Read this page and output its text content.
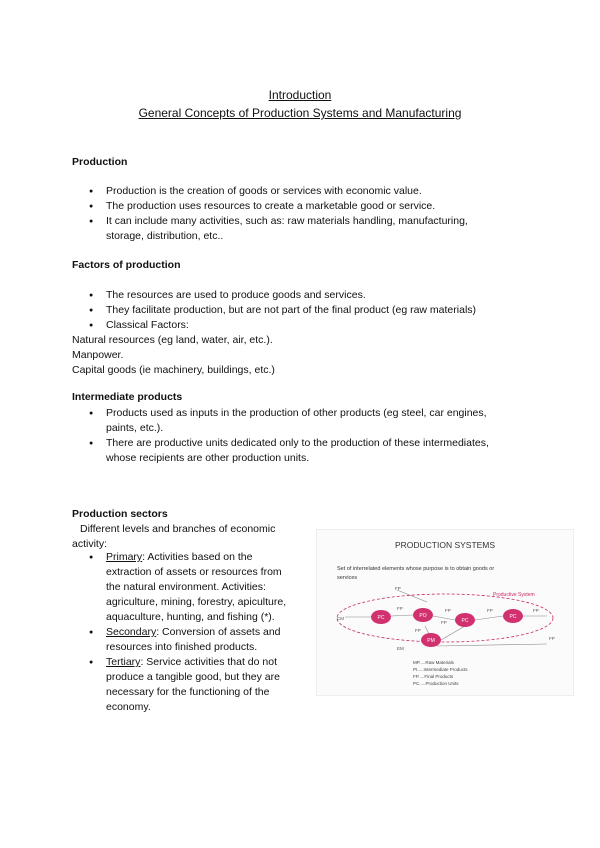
Introduction
General Concepts of Production Systems and Manufacturing
Production
● Production is the creation of goods or services with economic value.
● The production uses resources to create a marketable good or service.
● It can include many activities, such as: raw materials handling, manufacturing,
storage, distribution, etc..
Factors of production
● The resources are used to produce goods and services.
● They facilitate production, but are not part of the final product (eg raw materials)
● Classical Factors:
Natural resources (eg land, water, air, etc.).
Manpower.
Capital goods (ie machinery, buildings, etc.)
Intermediate products
● Products used as inputs in the production of other products (eg steel, car engines,
paints, etc.).
● There are productive units dedicated only to the production of these intermediates,
whose recipients are other production units.
Production sectors
Different levels and branches of economic
activity:
● Primary: Activities based on the
extraction of assets or resources from
the natural environment. Activities:
agriculture, mining, forestry, apiculture,
aquaculture, hunting, and fishing (*).
● Secondary: Conversion of assets and
resources into finished products.
● Tertiary: Service activities that do not
produce a tangible good, but they are
necessary for the functioning of the
economy.
PRODUCTION SYSTEMS
Set of interrelated elements whose purpose is to obtain goods or
services
Productive System
PC	PO
PC
PC
PM
FP
FP	FP	FP	FP
FP
FP
FP
CM
EM
MP.....Raw Materials
PI.....Intermediate Products
FP.....Final Products
PC.....Production Units
